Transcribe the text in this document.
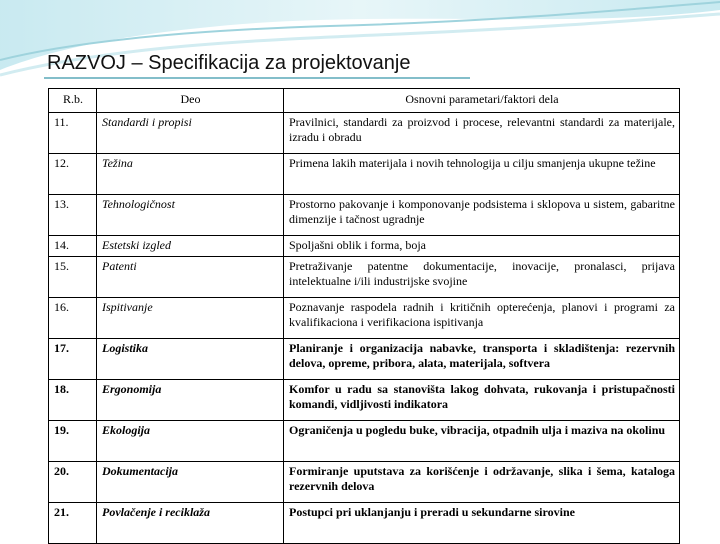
RAZVOJ – Specifikacija za projektovanje
R.b.	Deo	Osnovni parametari/faktori dela
11.	Standardi i propisi	Pravilnici, standardi za proizvod i procese, relevantni standardi za materijale, izradu i obradu
12.	Težina	Primena lakih materijala i novih tehnologija u cilju smanjenja ukupne težine
13.	Tehnologičnost	Prostorno pakovanje i komponovanje podsistema i sklopova u sistem, gabaritne dimenzije i tačnost ugradnje
14.	Estetski izgled	Spoljašni oblik i forma, boja
15.	Patenti	Pretraživanje patentne dokumentacije, inovacije, pronalasci, prijava intelektualne i/ili industrijske svojine
16.	Ispitivanje	Poznavanje raspodela radnih i kritičnih opterećenja, planovi i programi za kvalifikaciona i verifikaciona ispitivanja
17.	Logistika	Planiranje i organizacija nabavke, transporta i skladištenja: rezervnih delova, opreme, pribora, alata, materijala, softvera
18.	Ergonomija	Komfor u radu sa stanovišta lakog dohvata, rukovanja i pristupačnosti komandi, vidljivosti indikatora
19.	Ekologija	Ograničenja u pogledu buke, vibracija, otpadnih ulja i maziva na okolinu
20.	Dokumentacija	Formiranje uputstava za korišćenje i održavanje, slika i šema, kataloga rezervnih delova
21.	Povlačenje i reciklaža	Postupci pri uklanjanju i preradi u sekundarne sirovine
